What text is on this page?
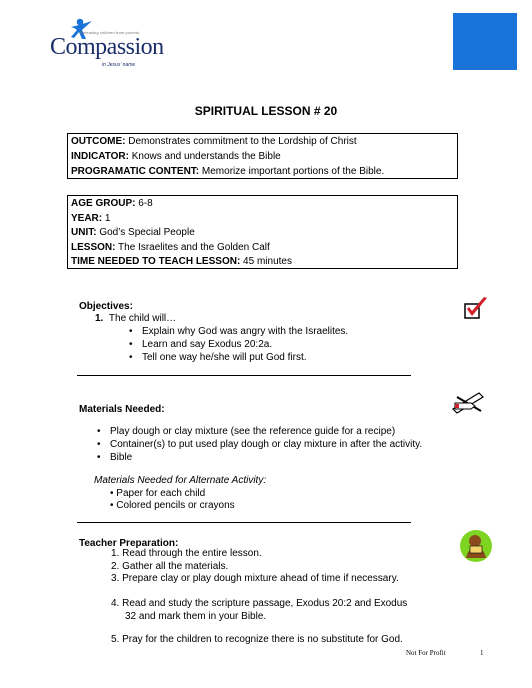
Releasing children from poverty
Compassion
in Jesus' name
SPIRITUAL LESSON # 20
OUTCOME: Demonstrates commitment to the Lordship of Christ
INDICATOR: Knows and understands the Bible
PROGRAMATIC CONTENT: Memorize important portions of the Bible.
AGE GROUP: 6-8
YEAR: 1
UNIT: God’s Special People
LESSON: The Israelites and the Golden Calf
TIME NEEDED TO TEACH LESSON: 45 minutes
Objectives:
1. The child will…
• Explain why God was angry with the Israelites.
• Learn and say Exodus 20:2a.
• Tell one way he/she will put God first.
Materials Needed:
• Play dough or clay mixture (see the reference guide for a recipe)
• Container(s) to put used play dough or clay mixture in after the activity.
• Bible
Materials Needed for Alternate Activity:
• Paper for each child
• Colored pencils or crayons
Teacher Preparation:
1. Read through the entire lesson.
2. Gather all the materials.
3. Prepare clay or play dough mixture ahead of time if necessary.
4. Read and study the scripture passage, Exodus 20:2 and Exodus
32 and mark them in your Bible.
5. Pray for the children to recognize there is no substitute for God.
Not For Profit	1
